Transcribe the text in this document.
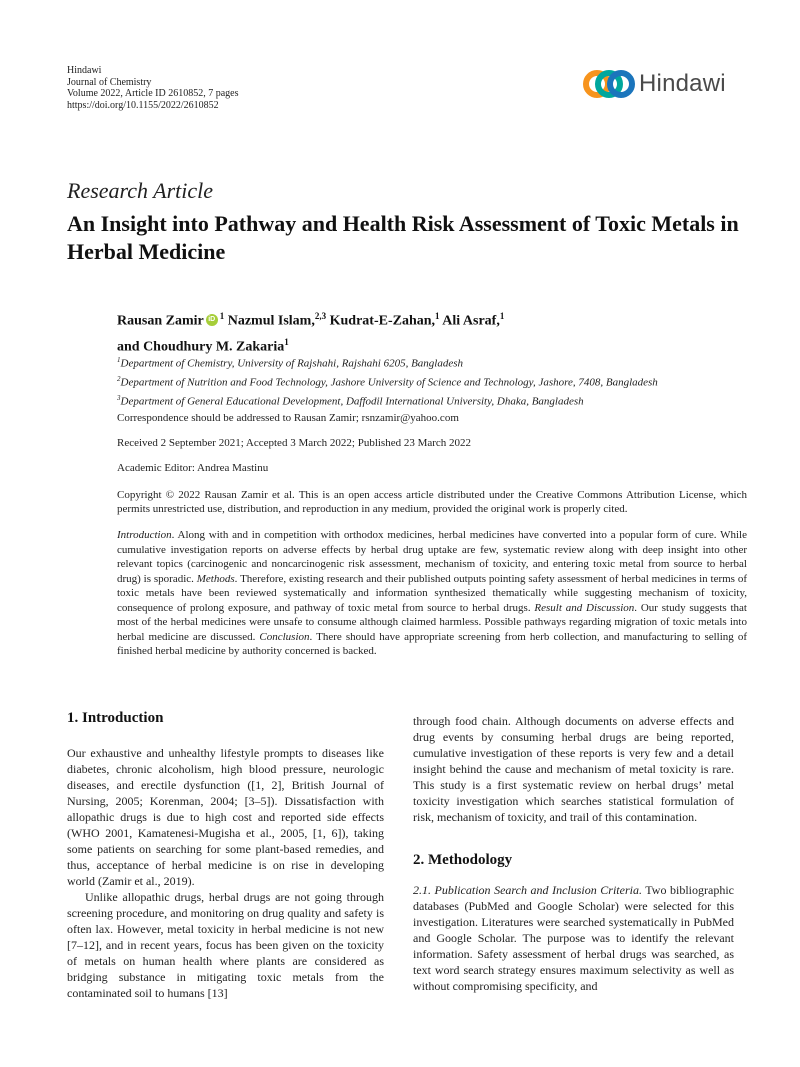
Hindawi
Journal of Chemistry
Volume 2022, Article ID 2610852, 7 pages
https://doi.org/10.1155/2022/2610852
Hindawi
Research Article
An Insight into Pathway and Health Risk Assessment of Toxic Metals in Herbal Medicine
Rausan Zamir iD $^1$ Nazmul Islam,$^{2,3}$ Kudrat-E-Zahan,$^1$ Ali Asraf,$^1$
and Choudhury M. Zakaria$^1$
$^1$Department of Chemistry, University of Rajshahi, Rajshahi 6205, Bangladesh
$^2$Department of Nutrition and Food Technology, Jashore University of Science and Technology, Jashore, 7408, Bangladesh
$^3$Department of General Educational Development, Daffodil International University, Dhaka, Bangladesh
Correspondence should be addressed to Rausan Zamir; rsnzamir@yahoo.com
Received 2 September 2021; Accepted 3 March 2022; Published 23 March 2022
Academic Editor: Andrea Mastinu
Copyright © 2022 Rausan Zamir et al. This is an open access article distributed under the Creative Commons Attribution License, which permits unrestricted use, distribution, and reproduction in any medium, provided the original work is properly cited.
Introduction. Along with and in competition with orthodox medicines, herbal medicines have converted into a popular form of cure. While cumulative investigation reports on adverse effects by herbal drug uptake are few, systematic review along with deep insight into other relevant topics (carcinogenic and noncarcinogenic risk assessment, mechanism of toxicity, and entering toxic metal from source to herbal drug) is sporadic. Methods. Therefore, existing research and their published outputs pointing safety assessment of herbal medicines in terms of toxic metals have been reviewed systematically and information synthesized thematically while suggesting mechanism of toxicity, consequence of prolong exposure, and pathway of toxic metal from source to herbal drugs. Result and Discussion. Our study suggests that most of the herbal medicines were unsafe to consume although claimed harmless. Possible pathways regarding migration of toxic metals into herbal medicine are discussed. Conclusion. There should have appropriate screening from herb collection, and manufacturing to selling of finished herbal medicine by authority concerned is backed.
1. Introduction

Our exhaustive and unhealthy lifestyle prompts to diseases like diabetes, chronic alcoholism, high blood pressure, neurologic diseases, and erectile dysfunction ([1, 2], British Journal of Nursing, 2005; Korenman, 2004; [3–5]). Dissatisfaction with allopathic drugs is due to high cost and reported side effects (WHO 2001, Kamatenesi-Mugisha et al., 2005, [1, 6]), taking some patients on searching for some plant-based remedies, and thus, acceptance of herbal medicine is on rise in developing world (Zamir et al., 2019).

Unlike allopathic drugs, herbal drugs are not going through screening procedure, and monitoring on drug quality and safety is often lax. However, metal toxicity in herbal medicine is not new [7–12], and in recent years, focus has been given on the toxicity of metals on human health where plants are considered as bridging substance in mitigating toxic metals from the contaminated soil to humans [13]

through food chain. Although documents on adverse effects and drug events by consuming herbal drugs are being reported, cumulative investigation of these reports is very few and a detail insight behind the cause and mechanism of metal toxicity is rare. This study is a first systematic review on herbal drugs’ metal toxicity investigation which searches statistical formulation of risk, mechanism of toxicity, and trail of this contamination.

2. Methodology

2.1. Publication Search and Inclusion Criteria. Two bibliographic databases (PubMed and Google Scholar) were selected for this investigation. Literatures were searched systematically in PubMed and Google Scholar. The purpose was to identify the relevant information. Safety assessment of herbal drugs was searched, as text word search strategy ensures maximum selectivity as well as without compromising specificity, and
